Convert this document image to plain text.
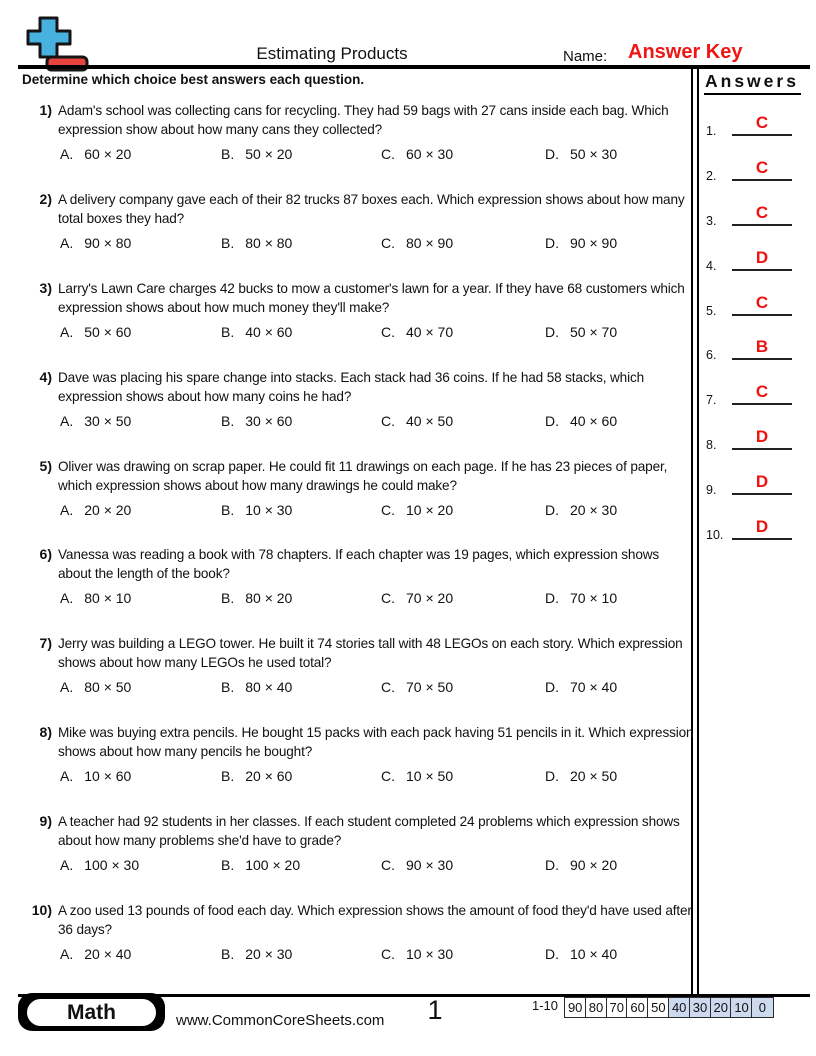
Estimating Products	Name: Answer Key
Determine which choice best answers each question.	Answers
1.	C
2.	C
3.	C
4.	D
5.	C
6.	B
7.	C
8.	D
9.	D
10.	D
1) Adam's school was collecting cans for recycling. They had 59 bags with 27 cans inside each bag. Which expression show about how many cans they collected?
A. 60 × 20	B. 50 × 20	C. 60 × 30	D. 50 × 30
2) A delivery company gave each of their 82 trucks 87 boxes each. Which expression shows about how many total boxes they had?
A. 90 × 80	B. 80 × 80	C. 80 × 90	D. 90 × 90
3) Larry's Lawn Care charges 42 bucks to mow a customer's lawn for a year. If they have 68 customers which expression shows about how much money they'll make?
A. 50 × 60	B. 40 × 60	C. 40 × 70	D. 50 × 70
4) Dave was placing his spare change into stacks. Each stack had 36 coins. If he had 58 stacks, which expression shows about how many coins he had?
A. 30 × 50	B. 30 × 60	C. 40 × 50	D. 40 × 60
5) Oliver was drawing on scrap paper. He could fit 11 drawings on each page. If he has 23 pieces of paper, which expression shows about how many drawings he could make?
A. 20 × 20	B. 10 × 30	C. 10 × 20	D. 20 × 30
6) Vanessa was reading a book with 78 chapters. If each chapter was 19 pages, which expression shows about the length of the book?
A. 80 × 10	B. 80 × 20	C. 70 × 20	D. 70 × 10
7) Jerry was building a LEGO tower. He built it 74 stories tall with 48 LEGOs on each story. Which expression shows about how many LEGOs he used total?
A. 80 × 50	B. 80 × 40	C. 70 × 50	D. 70 × 40
8) Mike was buying extra pencils. He bought 15 packs with each pack having 51 pencils in it. Which expression shows about how many pencils he bought?
A. 10 × 60	B. 20 × 60	C. 10 × 50	D. 20 × 50
9) A teacher had 92 students in her classes. If each student completed 24 problems which expression shows about how many problems she'd have to grade?
A. 100 × 30	B. 100 × 20	C. 90 × 30	D. 90 × 20
10) A zoo used 13 pounds of food each day. Which expression shows the amount of food they'd have used after 36 days?
A. 20 × 40	B. 20 × 30	C. 10 × 30	D. 10 × 40
Math	www.CommonCoreSheets.com	1	1-10 90 80 70 60 50 40 30 20 10 0
